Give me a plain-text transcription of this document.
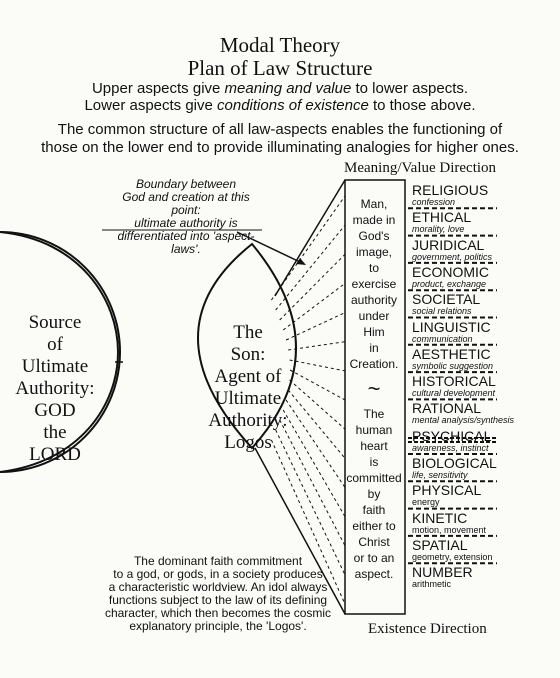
Modal Theory
Plan of Law Structure
Upper aspects give meaning and value to lower aspects.
Lower aspects give conditions of existence to those above.
The common structure of all law-aspects enables the functioning of
those on the lower end to provide illuminating analogies for higher ones.
Boundary between
God and creation at this point:
ultimate authority is
differentiated into 'aspect-laws'.
Meaning/Value Direction
Existence Direction
Source
of
Ultimate
Authority:
GOD
the
LORD
The
Son:
Agent of
Ultimate
Authority:
Logos
Man,
made in
God's
image,
to
exercise
authority
under
Him
in
Creation.
~
The
human
heart
is
committed
by
faith
either to
Christ
or to an
aspect.
RELIGIOUS
confession
ETHICAL
morality, love
JURIDICAL
government, politics
ECONOMIC
product, exchange
SOCIETAL
social relations
LINGUISTIC
communication
AESTHETIC
symbolic suggestion
HISTORICAL
cultural development
RATIONAL
mental analysis/synthesis
PSYCHICAL
awareness, instinct
BIOLOGICAL
life, sensitivity
PHYSICAL
energy
KINETIC
motion, movement
SPATIAL
geometry, extension
NUMBER
arithmetic
The dominant faith commitment
to a god, or gods, in a society produces
a characteristic worldview. An idol always
functions subject to the law of its defining
character, which then becomes the cosmic
explanatory principle, the 'Logos'.
